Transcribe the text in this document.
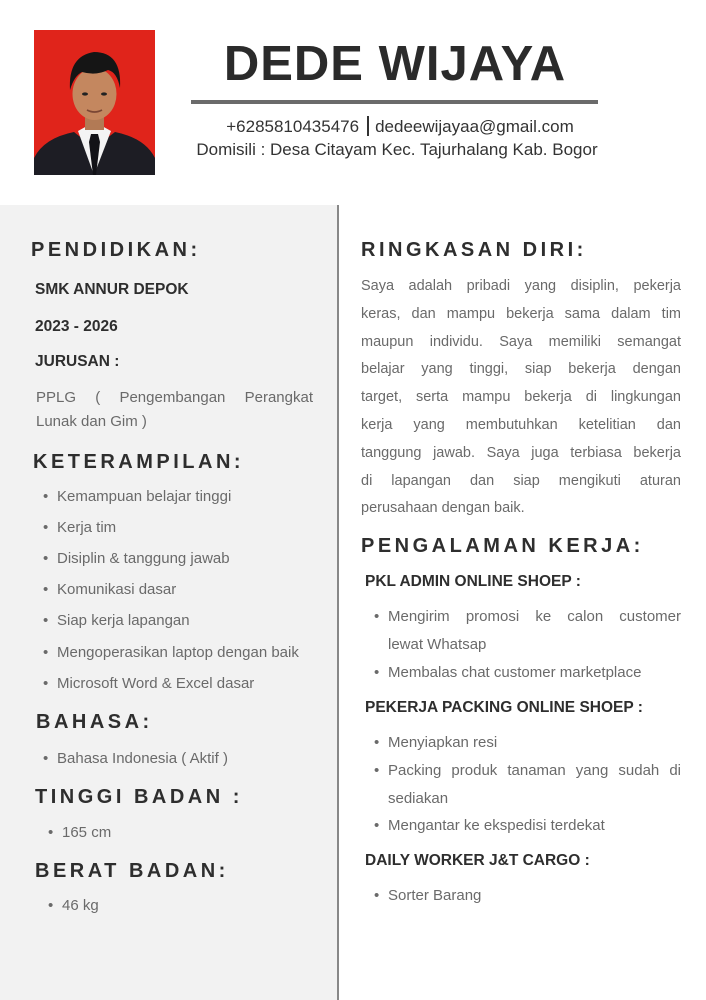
DEDE WIJAYA
+6285810435476 dedeewijayaa@gmail.com
Domisili : Desa Citayam Kec. Tajurhalang Kab. Bogor
PENDIDIKAN:
SMK ANNUR DEPOK
2023 - 2026
JURUSAN :
PPLG ( Pengembangan Perangkat
Lunak dan Gim )
KETERAMPILAN:
• Kemampuan belajar tinggi
• Kerja tim
• Disiplin & tanggung jawab
• Komunikasi dasar
• Siap kerja lapangan
• Mengoperasikan laptop dengan baik
• Microsoft Word & Excel dasar
BAHASA:
• Bahasa Indonesia ( Aktif )
TINGGI BADAN :
• 165 cm
BERAT BADAN:
• 46 kg
RINGKASAN DIRI:
Saya adalah pribadi yang disiplin, pekerja
keras, dan mampu bekerja sama dalam tim
maupun individu. Saya memiliki semangat
belajar yang tinggi, siap bekerja dengan
target, serta mampu bekerja di lingkungan
kerja yang membutuhkan ketelitian dan
tanggung jawab. Saya juga terbiasa bekerja
di lapangan dan siap mengikuti aturan
perusahaan dengan baik.
PENGALAMAN KERJA:
PKL ADMIN ONLINE SHOEP :
• Mengirim promosi ke calon customer
lewat Whatsap
• Membalas chat customer marketplace
PEKERJA PACKING ONLINE SHOEP :
• Menyiapkan resi
• Packing produk tanaman yang sudah di
sediakan
• Mengantar ke ekspedisi terdekat
DAILY WORKER J&T CARGO :
• Sorter Barang
